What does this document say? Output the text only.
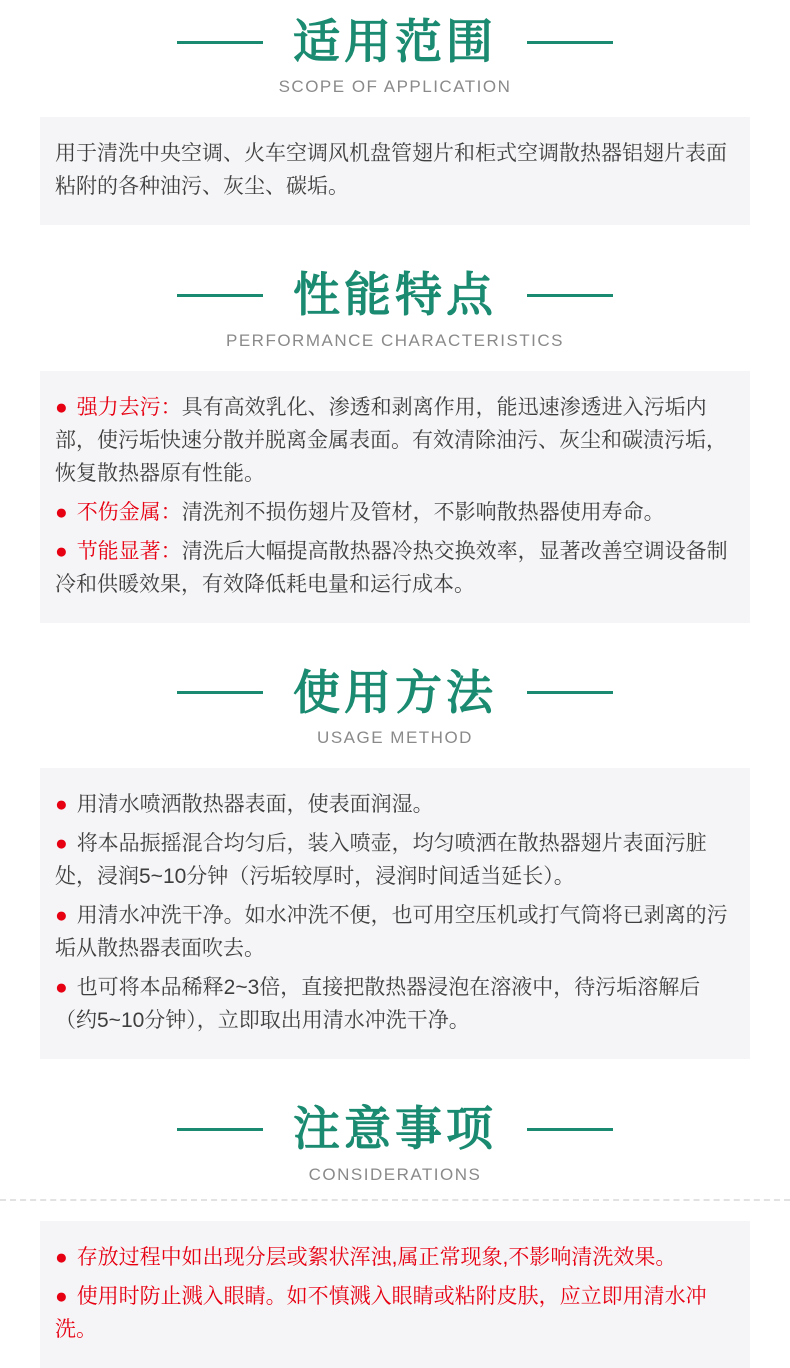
适用范围
SCOPE OF APPLICATION

用于清洗中央空调、火车空调风机盘管翅片和柜式空调散热器铝翅片表面粘附的各种油污、灰尘、碳垢。

性能特点
PERFORMANCE CHARACTERISTICS

● 强力去污：具有高效乳化、渗透和剥离作用，能迅速渗透进入污垢内部，使污垢快速分散并脱离金属表面。有效清除油污、灰尘和碳渍污垢，恢复散热器原有性能。

● 不伤金属：清洗剂不损伤翅片及管材，不影响散热器使用寿命。

● 节能显著：清洗后大幅提高散热器冷热交换效率，显著改善空调设备制冷和供暖效果，有效降低耗电量和运行成本。

使用方法
USAGE METHOD

● 用清水喷洒散热器表面，使表面润湿。

● 将本品振摇混合均匀后，装入喷壶，均匀喷洒在散热器翅片表面污脏处，浸润5~10分钟（污垢较厚时，浸润时间适当延长）。

● 用清水冲洗干净。如水冲洗不便，也可用空压机或打气筒将已剥离的污垢从散热器表面吹去。

● 也可将本品稀释2~3倍，直接把散热器浸泡在溶液中，待污垢溶解后（约5~10分钟），立即取出用清水冲洗干净。

注意事项
CONSIDERATIONS

● 存放过程中如出现分层或絮状浑浊,属正常现象,不影响清洗效果。

● 使用时防止溅入眼睛。如不慎溅入眼睛或粘附皮肤，应立即用清水冲洗。
